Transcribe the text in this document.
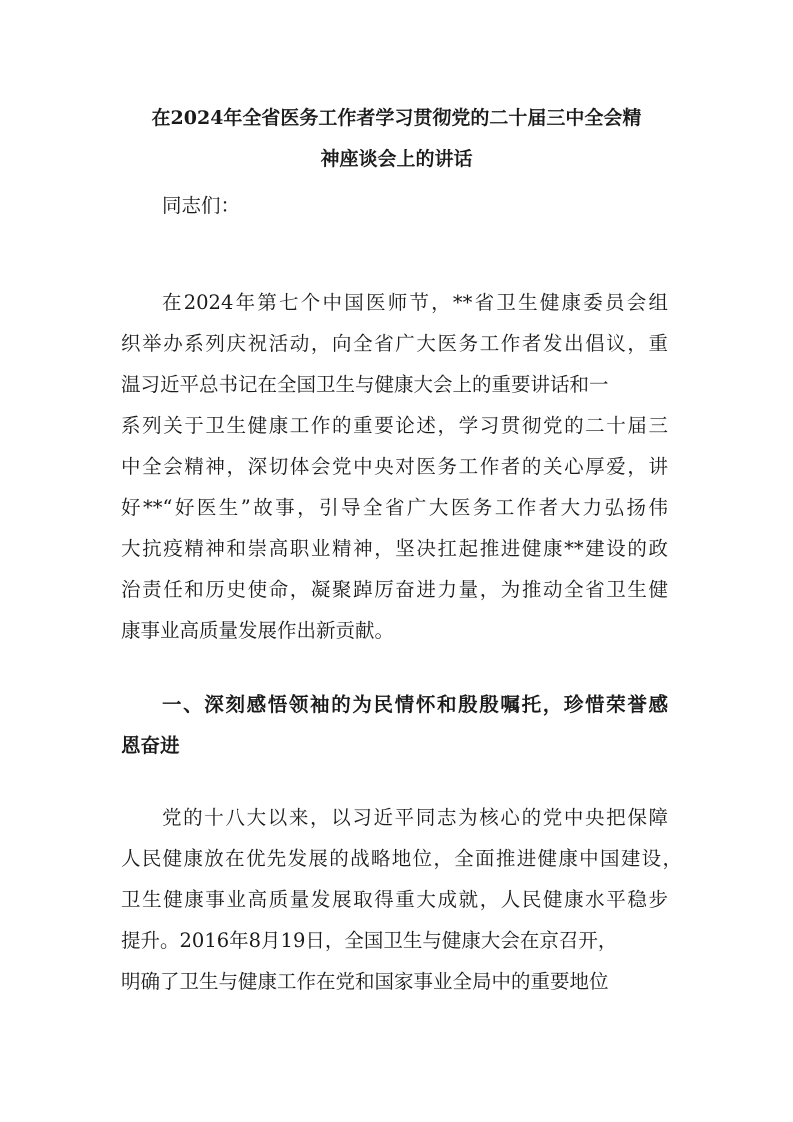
在2024年全省医务工作者学习贯彻党的二十届三中全会精
神座谈会上的讲话
同志们：
在2024年第七个中国医师节，**省卫生健康委员会组
织举办系列庆祝活动，向全省广大医务工作者发出倡议，重
温习近平总书记在全国卫生与健康大会上的重要讲话和一
系列关于卫生健康工作的重要论述，学习贯彻党的二十届三
中全会精神，深切体会党中央对医务工作者的关心厚爱，讲
好**“好医生”故事，引导全省广大医务工作者大力弘扬伟
大抗疫精神和崇高职业精神，坚决扛起推进健康**建设的政
治责任和历史使命，凝聚踔厉奋进力量，为推动全省卫生健
康事业高质量发展作出新贡献。
一、深刻感悟领袖的为民情怀和殷殷嘱托，珍惜荣誉感
恩奋进
党的十八大以来，以习近平同志为核心的党中央把保障
人民健康放在优先发展的战略地位，全面推进健康中国建设，
卫生健康事业高质量发展取得重大成就，人民健康水平稳步
提升。2016年8月19日，全国卫生与健康大会在京召开，
明确了卫生与健康工作在党和国家事业全局中的重要地位
